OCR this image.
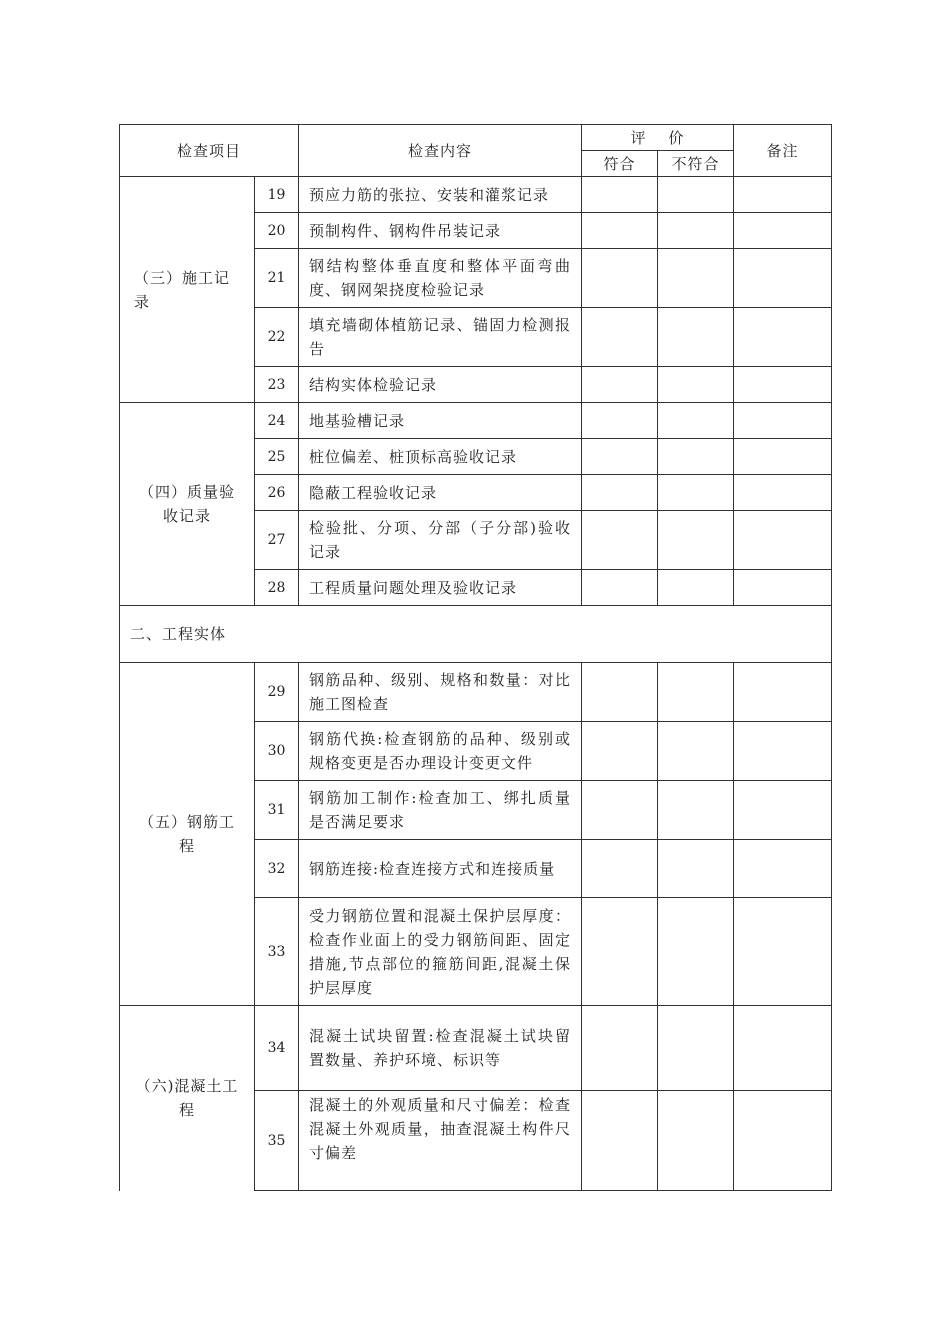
检查项目		检查内容	评　 价		备注
			符合	不符合	
（三）施工记录	19	预应力筋的张拉、安装和灌浆记录			
	20	预制构件、钢构件吊装记录			
	21	钢结构整体垂直度和整体平面弯曲度、钢网架挠度检验记录			
	22	填充墙砌体植筋记录、锚固力检测报告			
	23	结构实体检验记录			
（四）质量验收记录	24	地基验槽记录			
	25	桩位偏差、桩顶标高验收记录			
	26	隐蔽工程验收记录			
	27	检验批、分项、分部（子分部)验收记录			
	28	工程质量问题处理及验收记录			
二、工程实体					
（五）钢筋工程	29	钢筋品种、级别、规格和数量：对比施工图检查			
	30	钢筋代换:检查钢筋的品种、级别或规格变更是否办理设计变更文件			
	31	钢筋加工制作:检查加工、绑扎质量是否满足要求			
	32	钢筋连接:检查连接方式和连接质量			
	33	受力钢筋位置和混凝土保护层厚度：检查作业面上的受力钢筋间距、固定措施,节点部位的箍筋间距,混凝土保护层厚度			
（六)混凝土工程	34	混凝土试块留置:检查混凝土试块留置数量、养护环境、标识等			
	35	混凝土的外观质量和尺寸偏差：检查混凝土外观质量，抽查混凝土构件尺寸偏差			
